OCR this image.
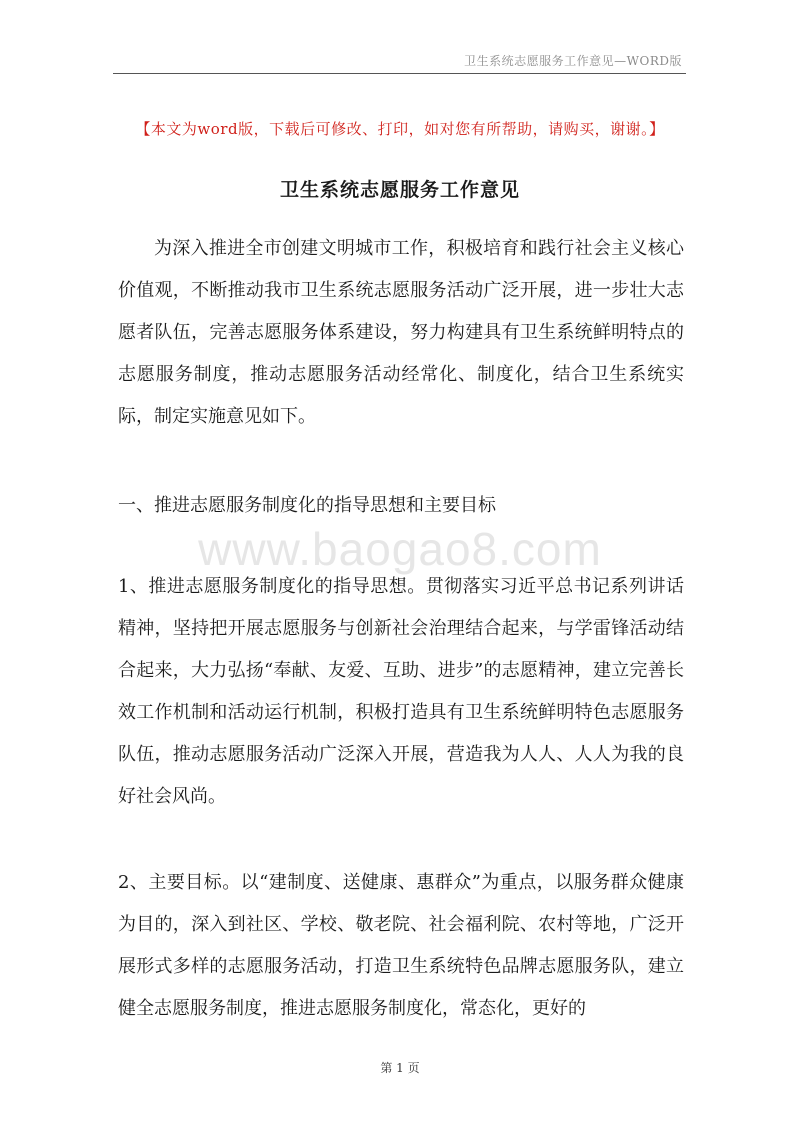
卫生系统志愿服务工作意见—WORD版
【本文为word版，下载后可修改、打印，如对您有所帮助，请购买，谢谢。】
卫生系统志愿服务工作意见

为深入推进全市创建文明城市工作，积极培育和践行社会主义核心价值观，不断推动我市卫生系统志愿服务活动广泛开展，进一步壮大志愿者队伍，完善志愿服务体系建设，努力构建具有卫生系统鲜明特点的志愿服务制度，推动志愿服务活动经常化、制度化，结合卫生系统实际，制定实施意见如下。

一、推进志愿服务制度化的指导思想和主要目标

www.baogao8.com

1、推进志愿服务制度化的指导思想。贯彻落实习近平总书记系列讲话精神，坚持把开展志愿服务与创新社会治理结合起来，与学雷锋活动结合起来，大力弘扬“奉献、友爱、互助、进步”的志愿精神，建立完善长效工作机制和活动运行机制，积极打造具有卫生系统鲜明特色志愿服务队伍，推动志愿服务活动广泛深入开展，营造我为人人、人人为我的良好社会风尚。

2、主要目标。以“建制度、送健康、惠群众”为重点，以服务群众健康为目的，深入到社区、学校、敬老院、社会福利院、农村等地，广泛开展形式多样的志愿服务活动，打造卫生系统特色品牌志愿服务队，建立健全志愿服务制度，推进志愿服务制度化，常态化，更好的

第 1 页
